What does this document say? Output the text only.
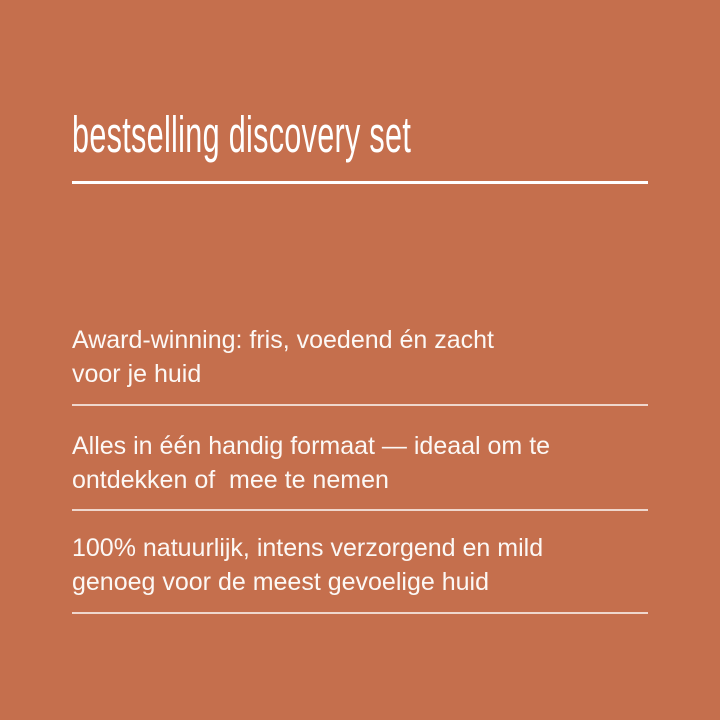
bestselling discovery set
Award-winning: fris, voedend én zacht
voor je huid
Alles in één handig formaat — ideaal om te
ontdekken of  mee te nemen
100% natuurlijk, intens verzorgend en mild
genoeg voor de meest gevoelige huid
